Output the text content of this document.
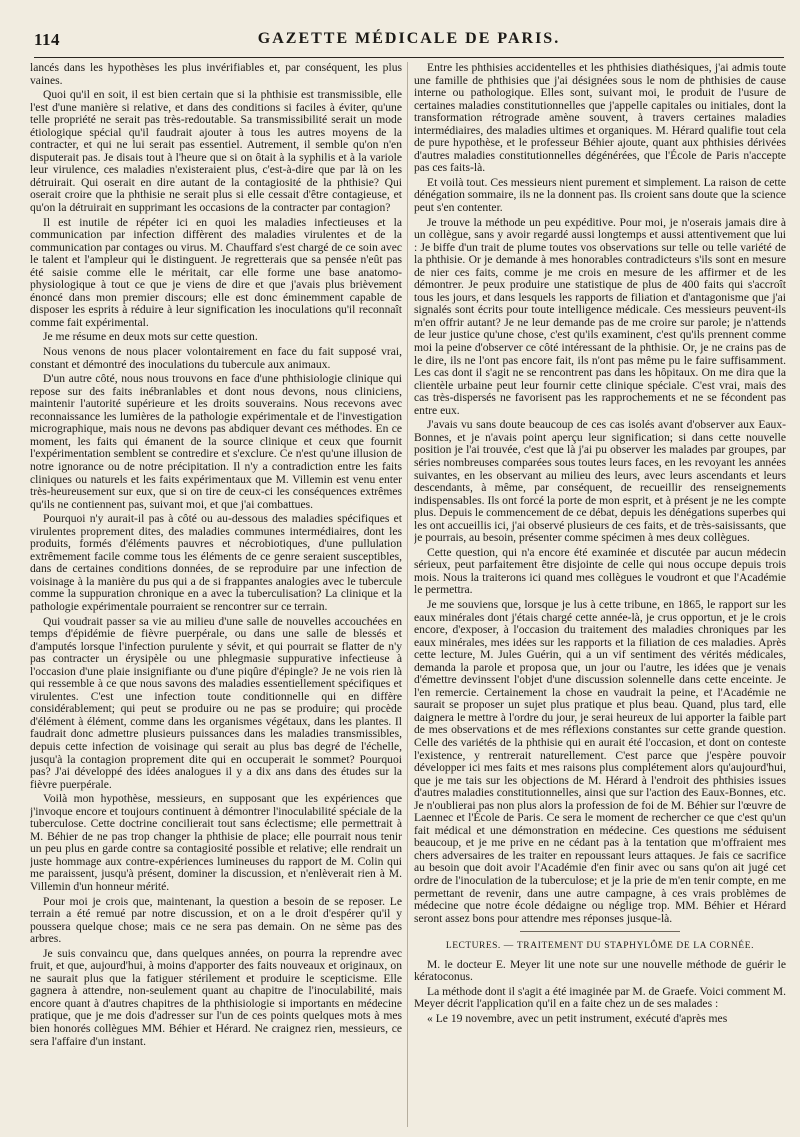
114	GAZETTE MÉDICALE DE PARIS.

lancés dans les hypothèses les plus invérifiables et, par conséquent, les plus vaines.

Quoi qu'il en soit, il est bien certain que si la phthisie est transmissible, elle l'est d'une manière si relative, et dans des conditions si faciles à éviter, qu'une telle propriété ne serait pas très-redoutable. Sa transmissibilité serait un mode étiologique spécial qu'il faudrait ajouter à tous les autres moyens de la contracter, et qui ne lui serait pas essentiel. Autrement, il semble qu'on n'en disputerait pas. Je disais tout à l'heure que si on ôtait à la syphilis et à la variole leur virulence, ces maladies n'existeraient plus, c'est-à-dire que par là on les détruirait. Qui oserait en dire autant de la contagiosité de la phthisie? Qui oserait croire que la phthisie ne serait plus si elle cessait d'être contagieuse, et qu'on la détruirait en supprimant les occasions de la contracter par contagion?

Il est inutile de répéter ici en quoi les maladies infectieuses et la communication par infection diffèrent des maladies virulentes et de la communication par contages ou virus. M. Chauffard s'est chargé de ce soin avec le talent et l'ampleur qui le distinguent. Je regretterais que sa pensée n'eût pas été saisie comme elle le méritait, car elle forme une base anatomo-physiologique à tout ce que je viens de dire et que j'avais plus brièvement énoncé dans mon premier discours; elle est donc éminemment capable de disposer les esprits à réduire à leur signification les inoculations qu'il reconnaît comme fait expérimental.

Je me résume en deux mots sur cette question.

Nous venons de nous placer volontairement en face du fait supposé vrai, constant et démontré des inoculations du tubercule aux animaux.

D'un autre côté, nous nous trouvons en face d'une phthisiologie clinique qui repose sur des faits inébranlables et dont nous devons, nous cliniciens, maintenir l'autorité supérieure et les droits souverains. Nous recevons avec reconnaissance les lumières de la pathologie expérimentale et de l'investigation micrographique, mais nous ne devons pas abdiquer devant ces méthodes. En ce moment, les faits qui émanent de la source clinique et ceux que fournit l'expérimentation semblent se contredire et s'exclure. Ce n'est qu'une illusion de notre ignorance ou de notre précipitation. Il n'y a contradiction entre les faits cliniques ou naturels et les faits expérimentaux que M. Villemin est venu enter très-heureusement sur eux, que si on tire de ceux-ci les conséquences extrêmes qu'ils ne contiennent pas, suivant moi, et que j'ai combattues.

Pourquoi n'y aurait-il pas à côté ou au-dessous des maladies spécifiques et virulentes proprement dites, des maladies communes intermédiaires, dont les produits, formés d'éléments pauvres et nécrobiotiques, d'une pullulation extrêmement facile comme tous les éléments de ce genre seraient susceptibles, dans de certaines conditions données, de se reproduire par une infection de voisinage à la manière du pus qui a de si frappantes analogies avec le tubercule comme la suppuration chronique en a avec la tuberculisation? La clinique et la pathologie expérimentale pourraient se rencontrer sur ce terrain.

Qui voudrait passer sa vie au milieu d'une salle de nouvelles accouchées en temps d'épidémie de fièvre puerpérale, ou dans une salle de blessés et d'amputés lorsque l'infection purulente y sévit, et qui pourrait se flatter de n'y pas contracter un érysipèle ou une phlegmasie suppurative infectieuse à l'occasion d'une plaie insignifiante ou d'une piqûre d'épingle? Je ne vois rien là qui ressemble à ce que nous savons des maladies essentiellement spécifiques et virulentes. C'est une infection toute conditionnelle qui en diffère considérablement; qui peut se produire ou ne pas se produire; qui procède d'élément à élément, comme dans les organismes végétaux, dans les plantes. Il faudrait donc admettre plusieurs puissances dans les maladies transmissibles, depuis cette infection de voisinage qui serait au plus bas degré de l'échelle, jusqu'à la contagion proprement dite qui en occuperait le sommet? Pourquoi pas? J'ai développé des idées analogues il y a dix ans dans des études sur la fièvre puerpérale.

Voilà mon hypothèse, messieurs, en supposant que les expériences que j'invoque encore et toujours continuent à démontrer l'inoculabilité spéciale de la tuberculose. Cette doctrine concilierait tout sans éclectisme; elle permettrait à M. Béhier de ne pas trop changer la phthisie de place; elle pourrait nous tenir un peu plus en garde contre sa contagiosité possible et relative; elle rendrait un juste hommage aux contre-expériences lumineuses du rapport de M. Colin qui me paraissent, jusqu'à présent, dominer la discussion, et n'enlèverait rien à M. Villemin d'un honneur mérité.

Pour moi je crois que, maintenant, la question a besoin de se reposer. Le terrain a été remué par notre discussion, et on a le droit d'espérer qu'il y poussera quelque chose; mais ce ne sera pas demain. On ne sème pas des arbres.

Je suis convaincu que, dans quelques années, on pourra la reprendre avec fruit, et que, aujourd'hui, à moins d'apporter des faits nouveaux et originaux, on ne saurait plus que la fatiguer stérilement et produire le scepticisme. Elle gagnera à attendre, non-seulement quant au chapitre de l'inoculabilité, mais encore quant à d'autres chapitres de la phthisiologie si importants en médecine pratique, que je me dois d'adresser sur l'un de ces points quelques mots à mes bien honorés collègues MM. Béhier et Hérard. Ne craignez rien, messieurs, ce sera l'affaire d'un instant.

Entre les phthisies accidentelles et les phthisies diathésiques, j'ai admis toute une famille de phthisies que j'ai désignées sous le nom de phthisies de cause interne ou pathologique. Elles sont, suivant moi, le produit de l'usure de certaines maladies constitutionnelles que j'appelle capitales ou initiales, dont la transformation rétrograde amène souvent, à travers certaines maladies intermédiaires, des maladies ultimes et organiques. M. Hérard qualifie tout cela de pure hypothèse, et le professeur Béhier ajoute, quant aux phthisies dérivées d'autres maladies constitutionnelles dégénérées, que l'École de Paris n'accepte pas ces faits-là.

Et voilà tout. Ces messieurs nient purement et simplement. La raison de cette dénégation sommaire, ils ne la donnent pas. Ils croient sans doute que la science peut s'en contenter.

Je trouve la méthode un peu expéditive. Pour moi, je n'oserais jamais dire à un collègue, sans y avoir regardé aussi longtemps et aussi attentivement que lui : Je biffe d'un trait de plume toutes vos observations sur telle ou telle variété de la phthisie. Or je demande à mes honorables contradicteurs s'ils sont en mesure de nier ces faits, comme je me crois en mesure de les affirmer et de les démontrer. Je peux produire une statistique de plus de 400 faits qui s'accroît tous les jours, et dans lesquels les rapports de filiation et d'antagonisme que j'ai signalés sont écrits pour toute intelligence médicale. Ces messieurs peuvent-ils m'en offrir autant? Je ne leur demande pas de me croire sur parole; je n'attends de leur justice qu'une chose, c'est qu'ils examinent, c'est qu'ils prennent comme moi la peine d'observer ce côté intéressant de la phthisie. Or, je ne crains pas de le dire, ils ne l'ont pas encore fait, ils n'ont pas même pu le faire suffisamment. Les cas dont il s'agit ne se rencontrent pas dans les hôpitaux. On me dira que la clientèle urbaine peut leur fournir cette clinique spéciale. C'est vrai, mais des cas très-dispersés ne favorisent pas les rapprochements et ne se fécondent pas entre eux.

J'avais vu sans doute beaucoup de ces cas isolés avant d'observer aux Eaux-Bonnes, et je n'avais point aperçu leur signification; si dans cette nouvelle position je l'ai trouvée, c'est que là j'ai pu observer les malades par groupes, par séries nombreuses comparées sous toutes leurs faces, en les revoyant les années suivantes, en les observant au milieu des leurs, avec leurs ascendants et leurs descendants, à même, par conséquent, de recueillir des renseignements indispensables. Ils ont forcé la porte de mon esprit, et à présent je ne les compte plus. Depuis le commencement de ce débat, depuis les dénégations superbes qui les ont accueillis ici, j'ai observé plusieurs de ces faits, et de très-saisissants, que je pourrais, au besoin, présenter comme spécimen à mes deux collègues.

Cette question, qui n'a encore été examinée et discutée par aucun médecin sérieux, peut parfaitement être disjointe de celle qui nous occupe depuis trois mois. Nous la traiterons ici quand mes collègues le voudront et que l'Académie le permettra.

Je me souviens que, lorsque je lus à cette tribune, en 1865, le rapport sur les eaux minérales dont j'étais chargé cette année-là, je crus opportun, et je le crois encore, d'exposer, à l'occasion du traitement des maladies chroniques par les eaux minérales, mes idées sur les rapports et la filiation de ces maladies. Après cette lecture, M. Jules Guérin, qui a un vif sentiment des vérités médicales, demanda la parole et proposa que, un jour ou l'autre, les idées que je venais d'émettre devinssent l'objet d'une discussion solennelle dans cette enceinte. Je l'en remercie. Certainement la chose en vaudrait la peine, et l'Académie ne saurait se proposer un sujet plus pratique et plus beau. Quand, plus tard, elle daignera le mettre à l'ordre du jour, je serai heureux de lui apporter la faible part de mes observations et de mes réflexions constantes sur cette grande question. Celle des variétés de la phthisie qui en aurait été l'occasion, et dont on conteste l'existence, y rentrerait naturellement. C'est parce que j'espère pouvoir développer ici mes faits et mes raisons plus complétement alors qu'aujourd'hui, que je me tais sur les objections de M. Hérard à l'endroit des phthisies issues d'autres maladies constitutionnelles, ainsi que sur l'action des Eaux-Bonnes, etc. Je n'oublierai pas non plus alors la profession de foi de M. Béhier sur l'œuvre de Laennec et l'École de Paris. Ce sera le moment de rechercher ce que c'est qu'un fait médical et une démonstration en médecine. Ces questions me séduisent beaucoup, et je me prive en ne cédant pas à la tentation que m'offraient mes chers adversaires de les traiter en repoussant leurs attaques. Je fais ce sacrifice au besoin que doit avoir l'Académie d'en finir avec ou sans qu'on ait jugé cet ordre de l'inoculation de la tuberculose; et je la prie de m'en tenir compte, en me permettant de revenir, dans une autre campagne, à ces vrais problèmes de médecine que notre école dédaigne ou néglige trop. MM. Béhier et Hérard seront assez bons pour attendre mes réponses jusque-là.

LECTURES. — TRAITEMENT DU STAPHYLÔME DE LA CORNÉE.

M. le docteur E. Meyer lit une note sur une nouvelle méthode de guérir le kératoconus.

La méthode dont il s'agit a été imaginée par M. de Graefe. Voici comment M. Meyer décrit l'application qu'il en a faite chez un de ses malades :

« Le 19 novembre, avec un petit instrument, exécuté d'après mes
